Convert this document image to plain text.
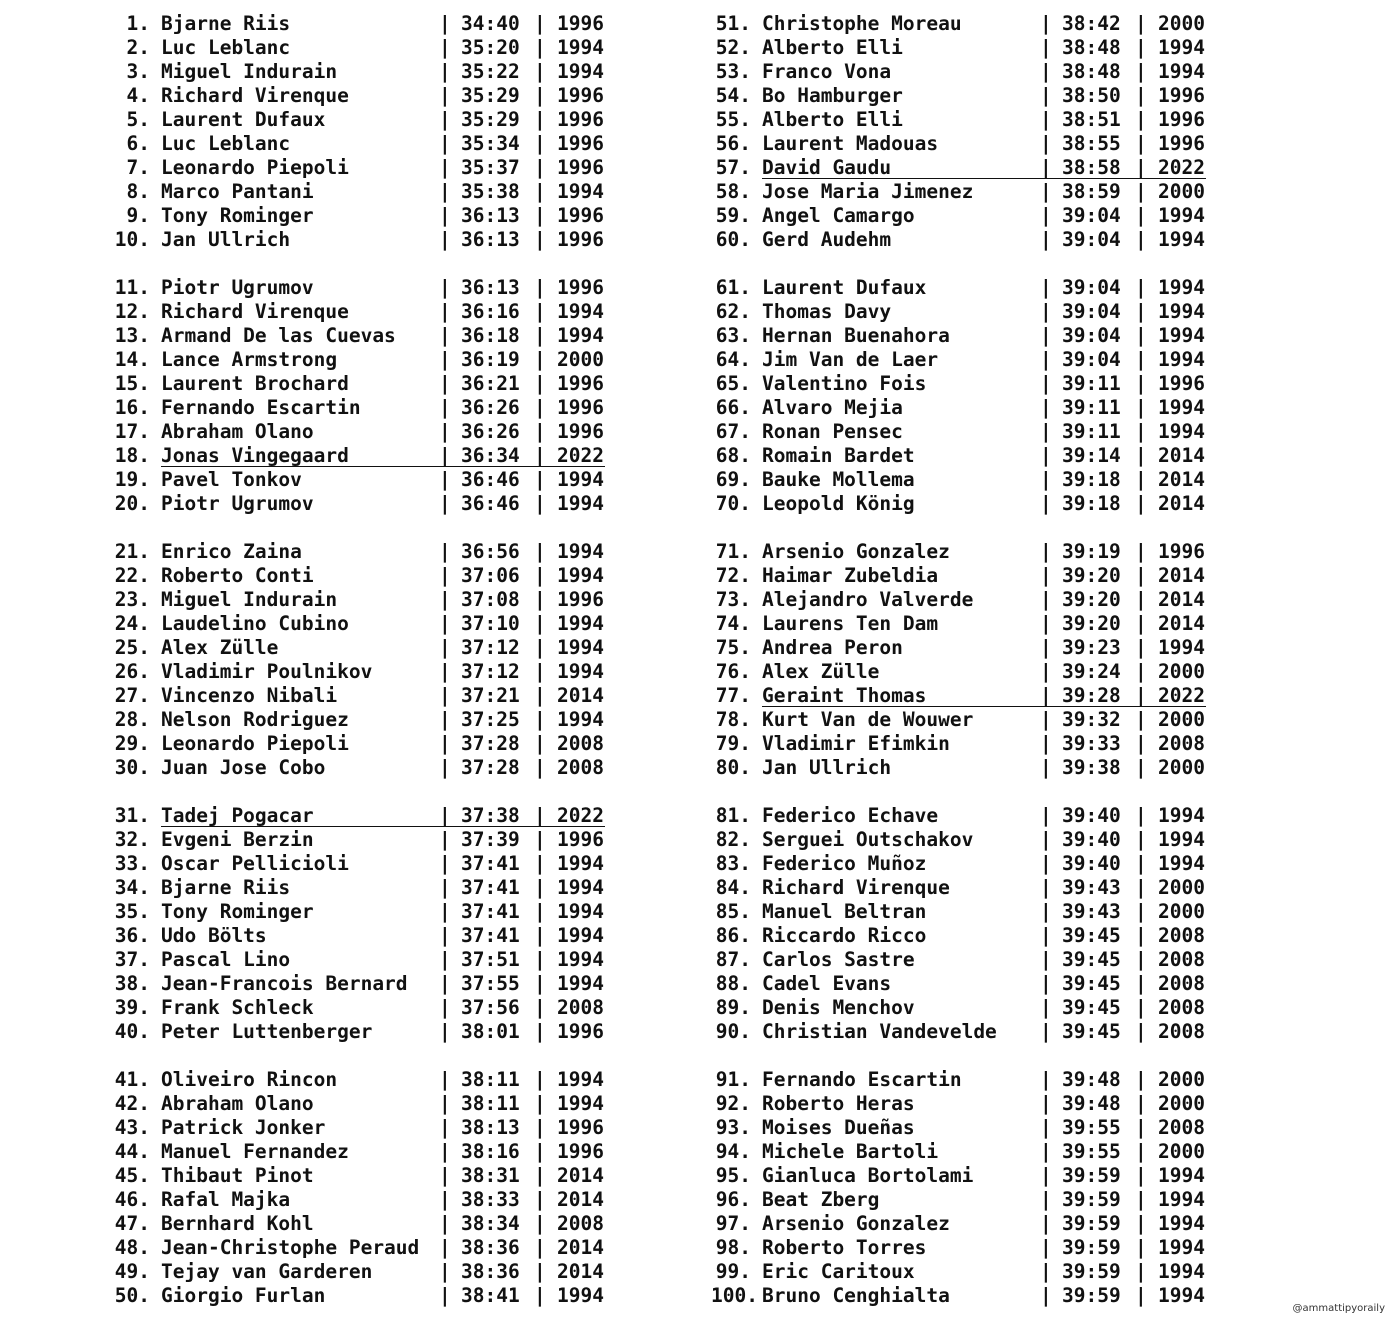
1. Bjarne Riis	| 34:40 | 1996
2. Luc Leblanc	| 35:20 | 1994
3. Miguel Indurain	| 35:22 | 1994
4. Richard Virenque	| 35:29 | 1996
5. Laurent Dufaux	| 35:29 | 1996
6. Luc Leblanc	| 35:34 | 1996
7. Leonardo Piepoli	| 35:37 | 1996
8. Marco Pantani	| 35:38 | 1994
9. Tony Rominger	| 36:13 | 1996
10. Jan Ullrich	| 36:13 | 1996
11. Piotr Ugrumov	| 36:13 | 1996
12. Richard Virenque	| 36:16 | 1994
13. Armand De las Cuevas | 36:18 | 1994
14. Lance Armstrong	| 36:19 | 2000
15. Laurent Brochard	| 36:21 | 1996
16. Fernando Escartin	| 36:26 | 1996
17. Abraham Olano	| 36:26 | 1996
18. Jonas Vingegaard	| 36:34 | 2022
19. Pavel Tonkov	| 36:46 | 1994
20. Piotr Ugrumov	| 36:46 | 1994
21. Enrico Zaina	| 36:56 | 1994
22. Roberto Conti	| 37:06 | 1994
23. Miguel Indurain	| 37:08 | 1996
24. Laudelino Cubino	| 37:10 | 1994
25. Alex Zülle	| 37:12 | 1994
26. Vladimir Poulnikov	| 37:12 | 1994
27. Vincenzo Nibali	| 37:21 | 2014
28. Nelson Rodriguez	| 37:25 | 1994
29. Leonardo Piepoli	| 37:28 | 2008
30. Juan Jose Cobo	| 37:28 | 2008
31. Tadej Pogacar	| 37:38 | 2022
32. Evgeni Berzin	| 37:39 | 1996
33. Oscar Pellicioli	| 37:41 | 1994
34. Bjarne Riis	| 37:41 | 1994
35. Tony Rominger	| 37:41 | 1994
36. Udo Bölts	| 37:41 | 1994
37. Pascal Lino	| 37:51 | 1994
38. Jean-Francois Bernard | 37:55 | 1994
39. Frank Schleck	| 37:56 | 2008
40. Peter Luttenberger	| 38:01 | 1996
41. Oliveiro Rincon	| 38:11 | 1994
42. Abraham Olano	| 38:11 | 1994
43. Patrick Jonker	| 38:13 | 1996
44. Manuel Fernandez	| 38:16 | 1996
45. Thibaut Pinot	| 38:31 | 2014
46. Rafal Majka	| 38:33 | 2014
47. Bernhard Kohl	| 38:34 | 2008
48. Jean-Christophe Peraud | 38:36 | 2014
49. Tejay van Garderen	| 38:36 | 2014
50. Giorgio Furlan	| 38:41 | 1994
51. Christophe Moreau	| 38:42 | 2000
52. Alberto Elli	| 38:48 | 1994
53. Franco Vona	| 38:48 | 1994
54. Bo Hamburger	| 38:50 | 1996
55. Alberto Elli	| 38:51 | 1996
56. Laurent Madouas	| 38:55 | 1996
57. David Gaudu	| 38:58 | 2022
58. Jose Maria Jimenez	| 38:59 | 2000
59. Angel Camargo	| 39:04 | 1994
60. Gerd Audehm	| 39:04 | 1994
61. Laurent Dufaux	| 39:04 | 1994
62. Thomas Davy	| 39:04 | 1994
63. Hernan Buenahora	| 39:04 | 1994
64. Jim Van de Laer	| 39:04 | 1994
65. Valentino Fois	| 39:11 | 1996
66. Alvaro Mejia	| 39:11 | 1994
67. Ronan Pensec	| 39:11 | 1994
68. Romain Bardet	| 39:14 | 2014
69. Bauke Mollema	| 39:18 | 2014
70. Leopold König	| 39:18 | 2014
71. Arsenio Gonzalez	| 39:19 | 1996
72. Haimar Zubeldia	| 39:20 | 2014
73. Alejandro Valverde	| 39:20 | 2014
74. Laurens Ten Dam	| 39:20 | 2014
75. Andrea Peron	| 39:23 | 1994
76. Alex Zülle	| 39:24 | 2000
77. Geraint Thomas	| 39:28 | 2022
78. Kurt Van de Wouwer	| 39:32 | 2000
79. Vladimir Efimkin	| 39:33 | 2008
80. Jan Ullrich	| 39:38 | 2000
81. Federico Echave	| 39:40 | 1994
82. Serguei Outschakov	| 39:40 | 1994
83. Federico Muñoz	| 39:40 | 1994
84. Richard Virenque	| 39:43 | 2000
85. Manuel Beltran	| 39:43 | 2000
86. Riccardo Ricco	| 39:45 | 2008
87. Carlos Sastre	| 39:45 | 2008
88. Cadel Evans	| 39:45 | 2008
89. Denis Menchov	| 39:45 | 2008
90. Christian Vandevelde | 39:45 | 2008
91. Fernando Escartin	| 39:48 | 2000
92. Roberto Heras	| 39:48 | 2000
93. Moises Dueñas	| 39:55 | 2008
94. Michele Bartoli	| 39:55 | 2000
95. Gianluca Bortolami	| 39:59 | 1994
96. Beat Zberg	| 39:59 | 1994
97. Arsenio Gonzalez	| 39:59 | 1994
98. Roberto Torres	| 39:59 | 1994
99. Eric Caritoux	| 39:59 | 1994
100. Bruno Cenghialta	| 39:59 | 1994
@ammattipyoraily
